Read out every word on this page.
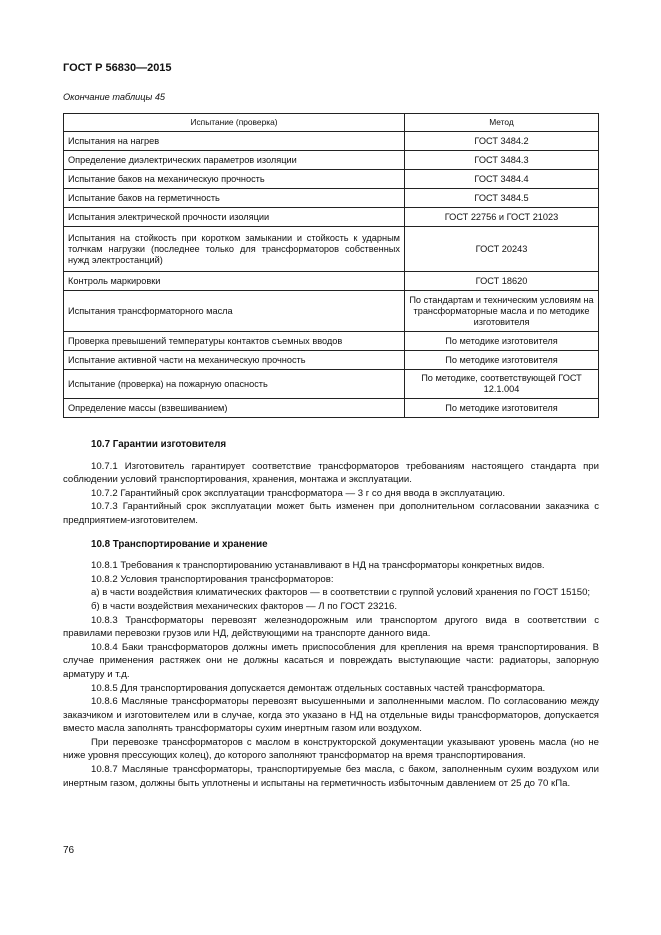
ГОСТ Р 56830—2015
Окончание таблицы 45
Испытание (проверка)	Метод
Испытания на нагрев	ГОСТ 3484.2
Определение диэлектрических параметров изоляции	ГОСТ 3484.3
Испытание баков на механическую прочность	ГОСТ 3484.4
Испытание баков на герметичность	ГОСТ 3484.5
Испытания электрической прочности изоляции	ГОСТ 22756 и ГОСТ 21023
Испытания на стойкость при коротком замыкании и стойкость к ударным толчкам нагрузки (последнее только для трансформаторов собственных нужд электростанций)	ГОСТ 20243
Контроль маркировки	ГОСТ 18620
Испытания трансформаторного масла	По стандартам и техническим условиям на трансформаторные масла и по методике изготовителя
Проверка превышений температуры контактов съемных вводов	По методике изготовителя
Испытание активной части на механическую прочность	По методике изготовителя
Испытание (проверка) на пожарную опасность	По методике, соответствующей ГОСТ 12.1.004
Определение массы (взвешиванием)	По методике изготовителя
10.7 Гарантии изготовителя

10.7.1 Изготовитель гарантирует соответствие трансформаторов требованиям настоящего стандарта при соблюдении условий транспортирования, хранения, монтажа и эксплуатации.

10.7.2 Гарантийный срок эксплуатации трансформатора — 3 г со дня ввода в эксплуатацию.

10.7.3 Гарантийный срок эксплуатации может быть изменен при дополнительном согласовании заказчика с предприятием-изготовителем.

10.8 Транспортирование и хранение

10.8.1 Требования к транспортированию устанавливают в НД на трансформаторы конкретных видов.

10.8.2 Условия транспортирования трансформаторов:

а) в части воздействия климатических факторов — в соответствии с группой условий хранения по ГОСТ 15150;

б) в части воздействия механических факторов — Л по ГОСТ 23216.

10.8.3 Трансформаторы перевозят железнодорожным или транспортом другого вида в соответствии с правилами перевозки грузов или НД, действующими на транспорте данного вида.

10.8.4 Баки трансформаторов должны иметь приспособления для крепления на время транспортирования. В случае применения растяжек они не должны касаться и повреждать выступающие части: радиаторы, запорную арматуру и т.д.

10.8.5 Для транспортирования допускается демонтаж отдельных составных частей трансформатора.

10.8.6 Масляные трансформаторы перевозят высушенными и заполненными маслом. По согласованию между заказчиком и изготовителем или в случае, когда это указано в НД на отдельные виды трансформаторов, допускается вместо масла заполнять трансформаторы сухим инертным газом или воздухом.

При перевозке трансформаторов с маслом в конструкторской документации указывают уровень масла (но не ниже уровня прессующих колец), до которого заполняют трансформатор на время транспортирования.

10.8.7 Масляные трансформаторы, транспортируемые без масла, с баком, заполненным сухим воздухом или инертным газом, должны быть уплотнены и испытаны на герметичность избыточным давлением от 25 до 70 кПа.

76
